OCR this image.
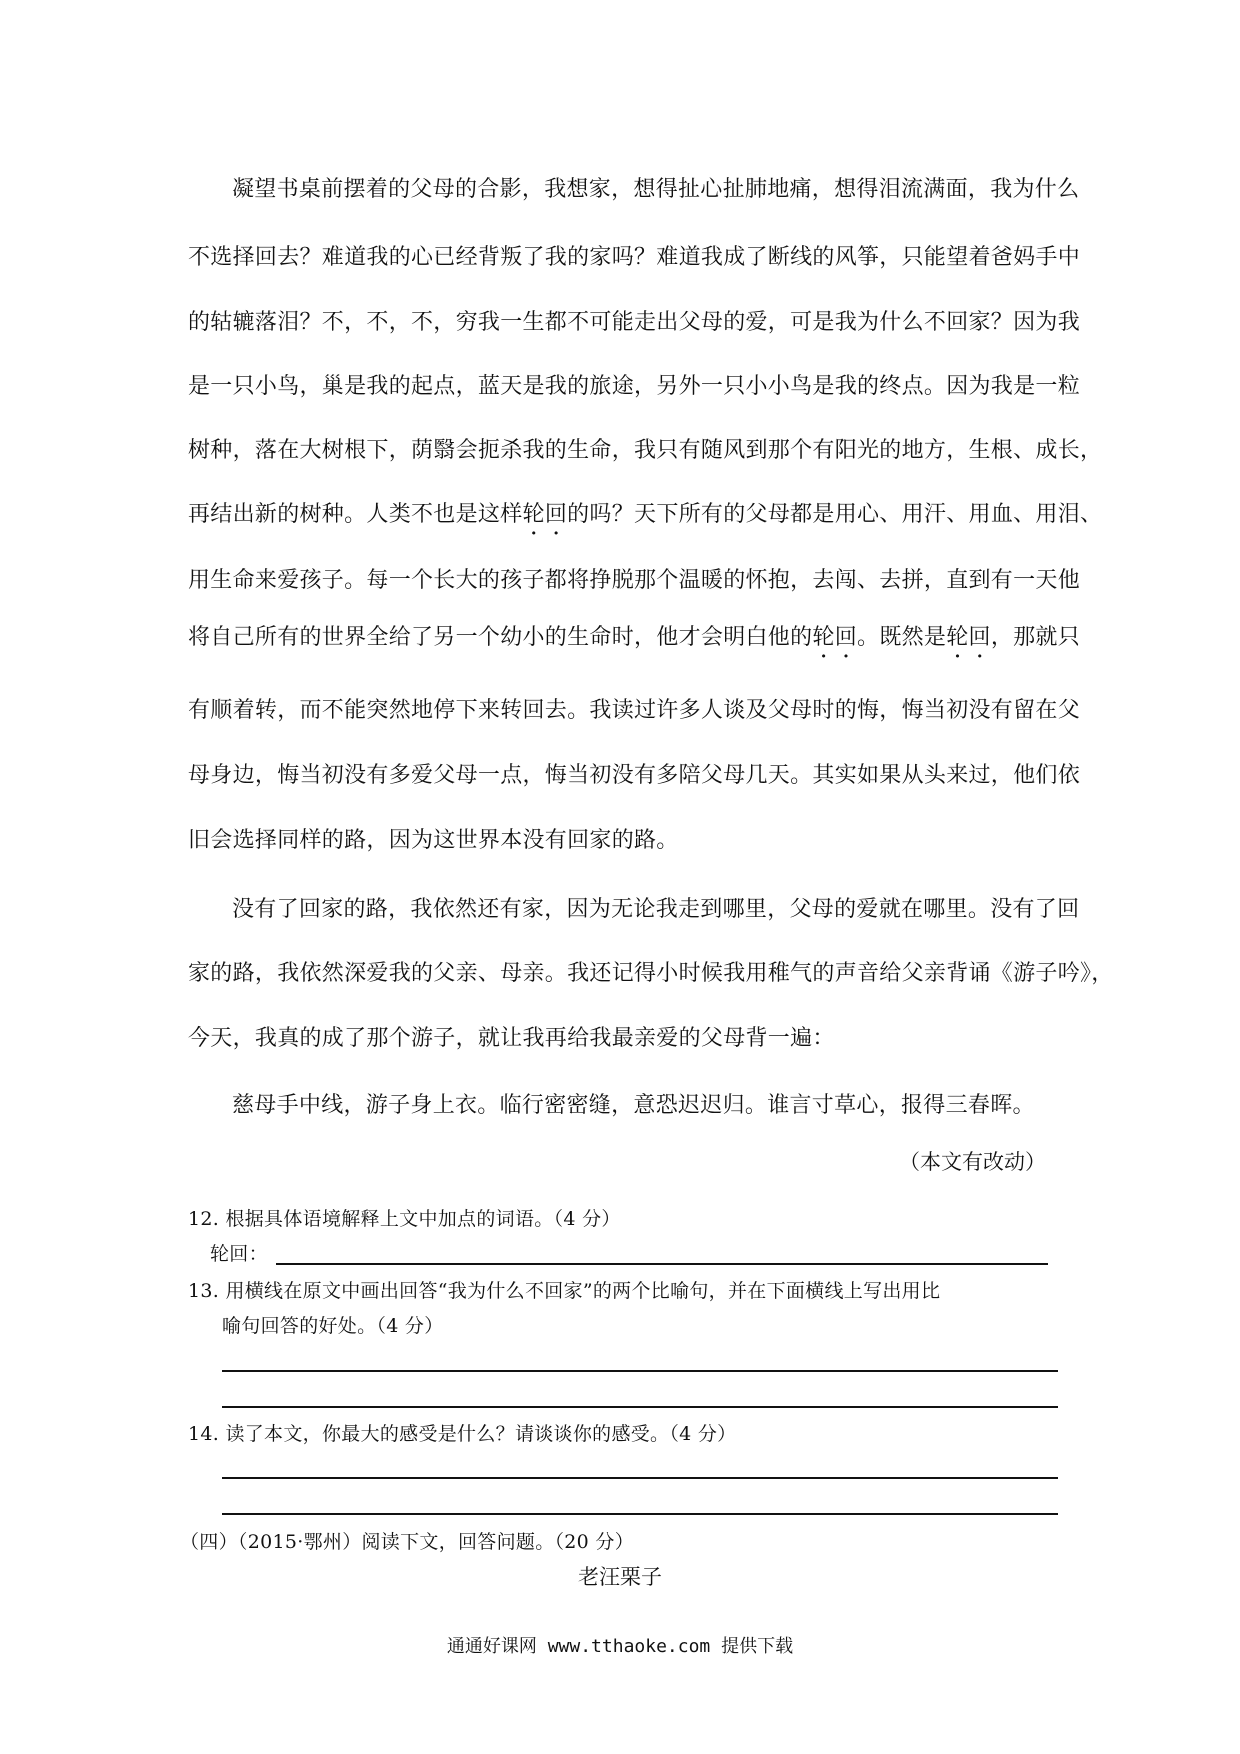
凝望书桌前摆着的父母的合影，我想家，想得扯心扯肺地痛，想得泪流满面，我为什么
不选择回去？难道我的心已经背叛了我的家吗？难道我成了断线的风筝，只能望着爸妈手中
的轱辘落泪？不，不，不，穷我一生都不可能走出父母的爱，可是我为什么不回家？因为我
是一只小鸟，巢是我的起点，蓝天是我的旅途，另外一只小小鸟是我的终点。因为我是一粒
树种，落在大树根下，荫翳会扼杀我的生命，我只有随风到那个有阳光的地方，生根、成长，
再结出新的树种。人类不也是这样轮回的吗？天下所有的父母都是用心、用汗、用血、用泪、
用生命来爱孩子。每一个长大的孩子都将挣脱那个温暖的怀抱，去闯、去拼，直到有一天他
将自己所有的世界全给了另一个幼小的生命时，他才会明白他的轮回。既然是轮回，那就只
有顺着转，而不能突然地停下来转回去。我读过许多人谈及父母时的悔，悔当初没有留在父
母身边，悔当初没有多爱父母一点，悔当初没有多陪父母几天。其实如果从头来过，他们依
旧会选择同样的路，因为这世界本没有回家的路。
没有了回家的路，我依然还有家，因为无论我走到哪里，父母的爱就在哪里。没有了回
家的路，我依然深爱我的父亲、母亲。我还记得小时候我用稚气的声音给父亲背诵《游子吟》，
今天，我真的成了那个游子，就让我再给我最亲爱的父母背一遍：
慈母手中线，游子身上衣。临行密密缝，意恐迟迟归。谁言寸草心，报得三春晖。
（本文有改动）
12. 根据具体语境解释上文中加点的词语。（4 分）
轮回：
13. 用横线在原文中画出回答“我为什么不回家”的两个比喻句，并在下面横线上写出用比
喻句回答的好处。（4 分）
14. 读了本文，你最大的感受是什么？请谈谈你的感受。（4 分）
（四）（2015·鄂州）阅读下文，回答问题。（20 分）
老汪栗子
通通好课网 www.tthaoke.com 提供下载
